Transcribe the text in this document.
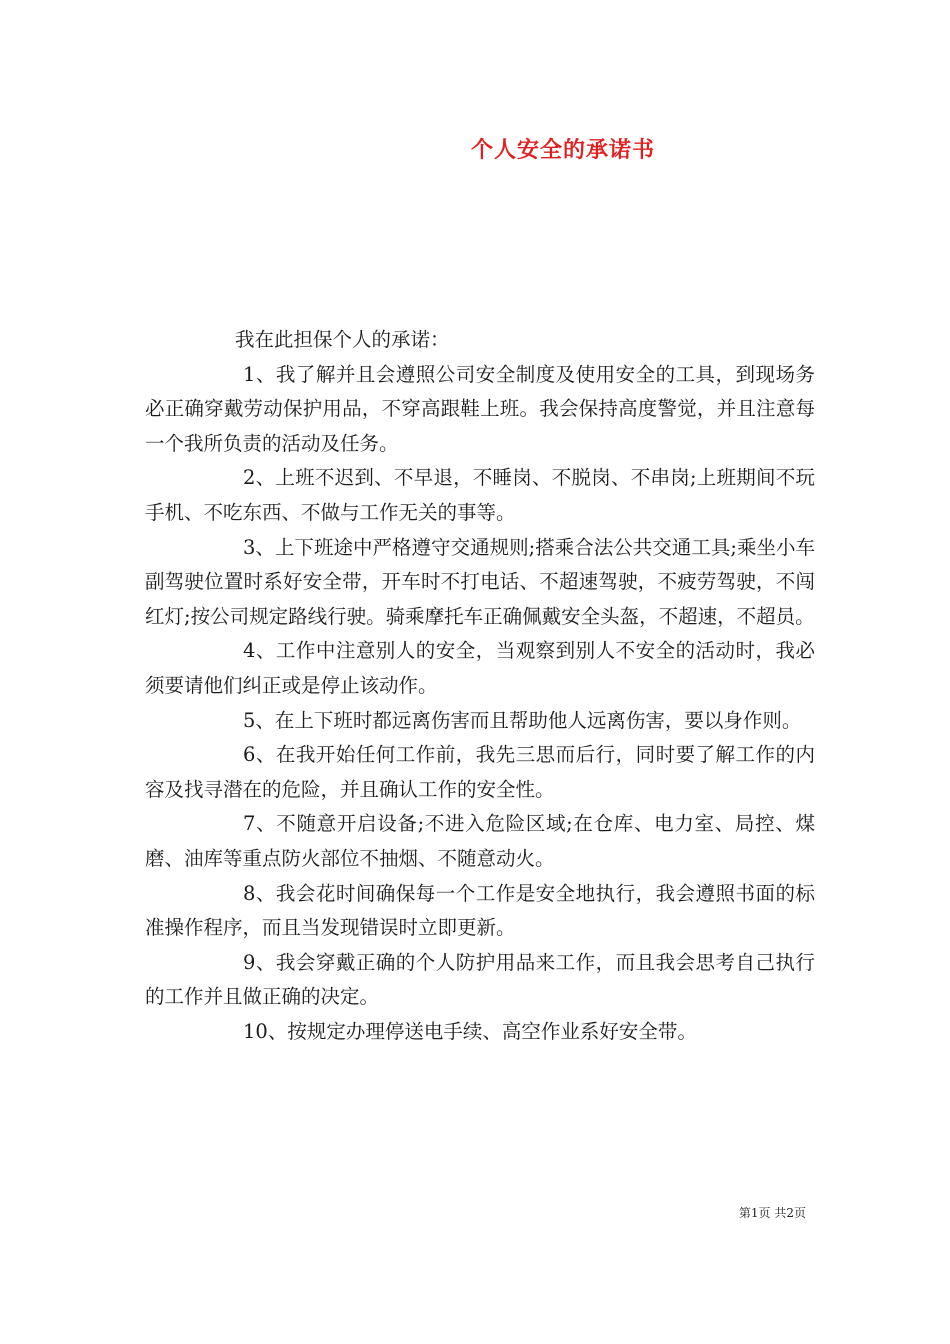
个人安全的承诺书

我在此担保个人的承诺：

1、我了解并且会遵照公司安全制度及使用安全的工具，到现场务必正确穿戴劳动保护用品，不穿高跟鞋上班。我会保持高度警觉，并且注意每一个我所负责的活动及任务。

2、上班不迟到、不早退，不睡岗、不脱岗、不串岗;上班期间不玩手机、不吃东西、不做与工作无关的事等。

3、上下班途中严格遵守交通规则;搭乘合法公共交通工具;乘坐小车副驾驶位置时系好安全带，开车时不打电话、不超速驾驶，不疲劳驾驶，不闯红灯;按公司规定路线行驶。骑乘摩托车正确佩戴安全头盔，不超速，不超员。

4、工作中注意别人的安全，当观察到别人不安全的活动时，我必须要请他们纠正或是停止该动作。

5、在上下班时都远离伤害而且帮助他人远离伤害，要以身作则。

6、在我开始任何工作前，我先三思而后行，同时要了解工作的内容及找寻潜在的危险，并且确认工作的安全性。

7、不随意开启设备;不进入危险区域;在仓库、电力室、局控、煤磨、油库等重点防火部位不抽烟、不随意动火。

8、我会花时间确保每一个工作是安全地执行，我会遵照书面的标准操作程序，而且当发现错误时立即更新。

9、我会穿戴正确的个人防护用品来工作，而且我会思考自己执行的工作并且做正确的决定。

10、按规定办理停送电手续、高空作业系好安全带。

第1页 共2页
